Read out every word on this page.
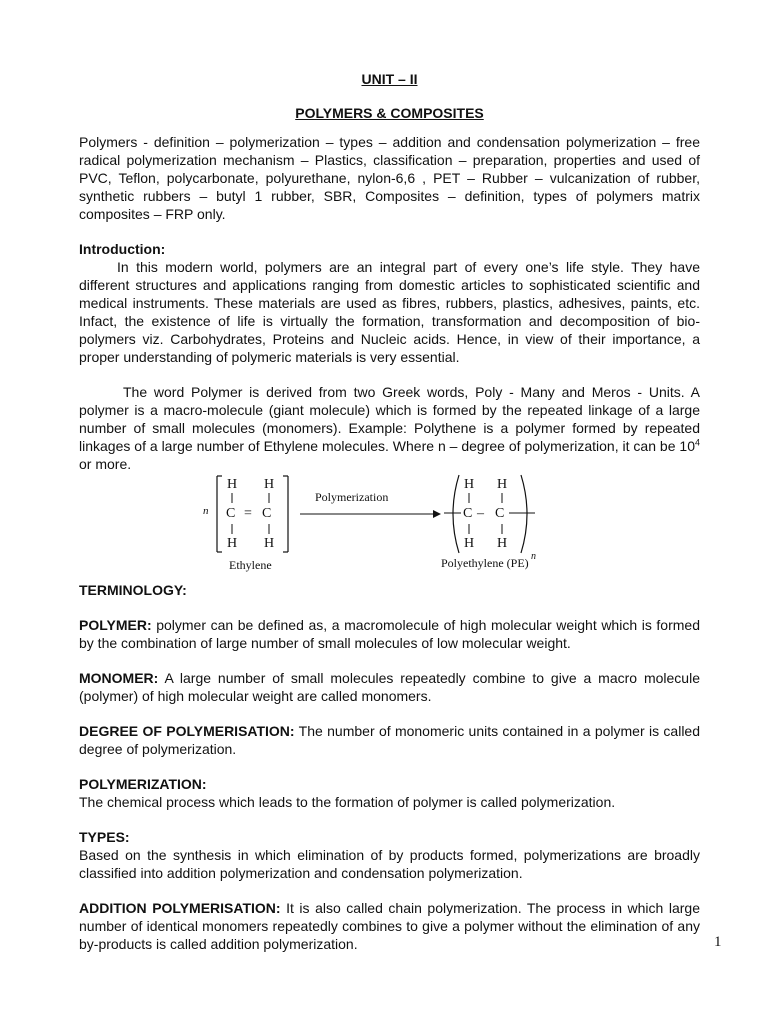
UNIT – II
POLYMERS & COMPOSITES

Polymers - definition – polymerization – types – addition and condensation polymerization – free radical polymerization mechanism – Plastics, classification – preparation, properties and used of PVC, Teflon, polycarbonate, polyurethane, nylon-6,6 , PET – Rubber – vulcanization of rubber, synthetic rubbers – butyl 1 rubber, SBR, Composites – definition, types of polymers matrix composites – FRP only.

Introduction:

In this modern world, polymers are an integral part of every one’s life style. They have different structures and applications ranging from domestic articles to sophisticated scientific and medical instruments. These materials are used as fibres, rubbers, plastics, adhesives, paints, etc. Infact, the existence of life is virtually the formation, transformation and decomposition of bio-polymers viz. Carbohydrates, Proteins and Nucleic acids. Hence, in view of their importance, a proper understanding of polymeric materials is very essential.

The word Polymer is derived from two Greek words, Poly - Many and Meros - Units. A polymer is a macro-molecule (giant molecule) which is formed by the repeated linkage of a large number of small molecules (monomers). Example: Polythene is a polymer formed by repeated linkages of a large number of Ethylene molecules. Where n – degree of polymerization, it can be $10^4$ or more.

n
H H
C = C
H H
Ethylene
Polymerization
H H
C – C
H H
n
Polyethylene (PE)
TERMINOLOGY:

POLYMER: polymer can be defined as, a macromolecule of high molecular weight which is formed by the combination of large number of small molecules of low molecular weight.

MONOMER: A large number of small molecules repeatedly combine to give a macro molecule (polymer) of high molecular weight are called monomers.

DEGREE OF POLYMERISATION: The number of monomeric units contained in a polymer is called degree of polymerization.

POLYMERIZATION:

The chemical process which leads to the formation of polymer is called polymerization.

TYPES:

Based on the synthesis in which elimination of by products formed, polymerizations are broadly classified into addition polymerization and condensation polymerization.

ADDITION POLYMERISATION: It is also called chain polymerization. The process in which large number of identical monomers repeatedly combines to give a polymer without the elimination of any by-products is called addition polymerization.	1
